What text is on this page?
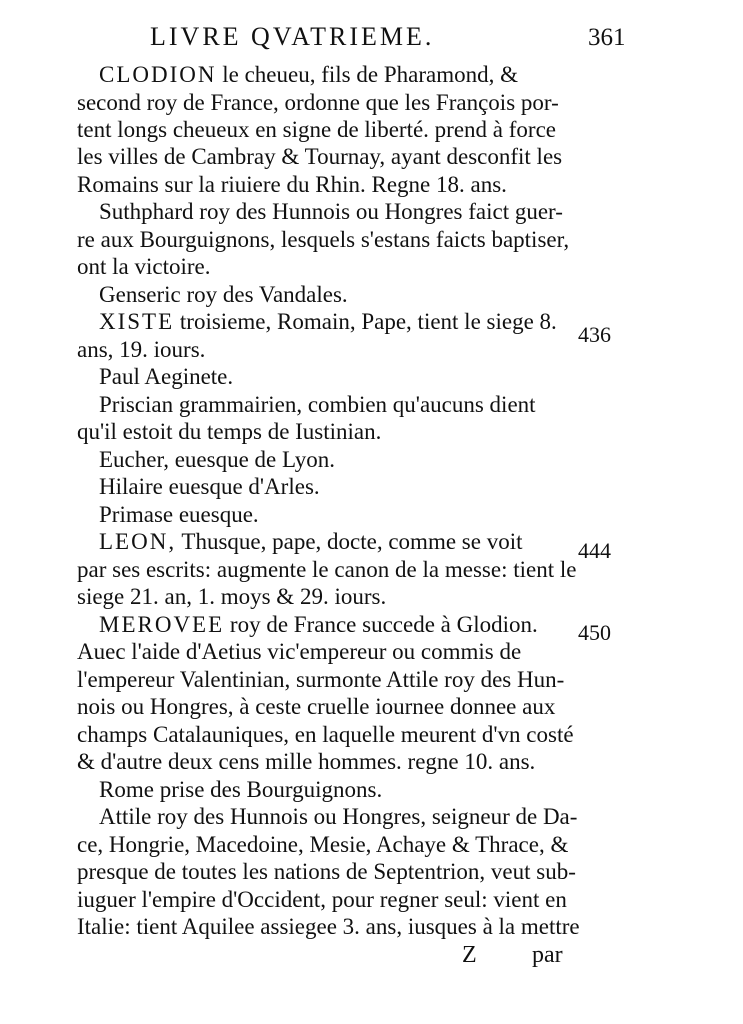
LIVRE QVATRIEME.	361
CLODION le cheueu, fils de Pharamond, &
second roy de France, ordonne que les François por-
tent longs cheueux en signe de liberté. prend à force
les villes de Cambray & Tournay, ayant desconfit les
Romains sur la riuiere du Rhin. Regne 18. ans.
Suthphard roy des Hunnois ou Hongres faict guer-
re aux Bourguignons, lesquels s'estans faicts baptiser,
ont la victoire.
Genseric roy des Vandales.
XISTE troisieme, Romain, Pape, tient le siege 8.
ans, 19. iours.
Paul Aeginete.
Priscian grammairien, combien qu'aucuns dient
qu'il estoit du temps de Iustinian.
Eucher, euesque de Lyon.
Hilaire euesque d'Arles.
Primase euesque.
LEON, Thusque, pape, docte, comme se voit
par ses escrits: augmente le canon de la messe: tient le
siege 21. an, 1. moys & 29. iours.
MEROVEE roy de France succede à Glodion.
Auec l'aide d'Aetius vic'empereur ou commis de
l'empereur Valentinian, surmonte Attile roy des Hun-
nois ou Hongres, à ceste cruelle iournee donnee aux
champs Catalauniques, en laquelle meurent d'vn costé
& d'autre deux cens mille hommes. regne 10. ans.
Rome prise des Bourguignons.
Attile roy des Hunnois ou Hongres, seigneur de Da-
ce, Hongrie, Macedoine, Mesie, Achaye & Thrace, &
presque de toutes les nations de Septentrion, veut sub-
iuguer l'empire d'Occident, pour regner seul: vient en
Italie: tient Aquilee assiegee 3. ans, iusques à la mettre
436
444
450
Z par
